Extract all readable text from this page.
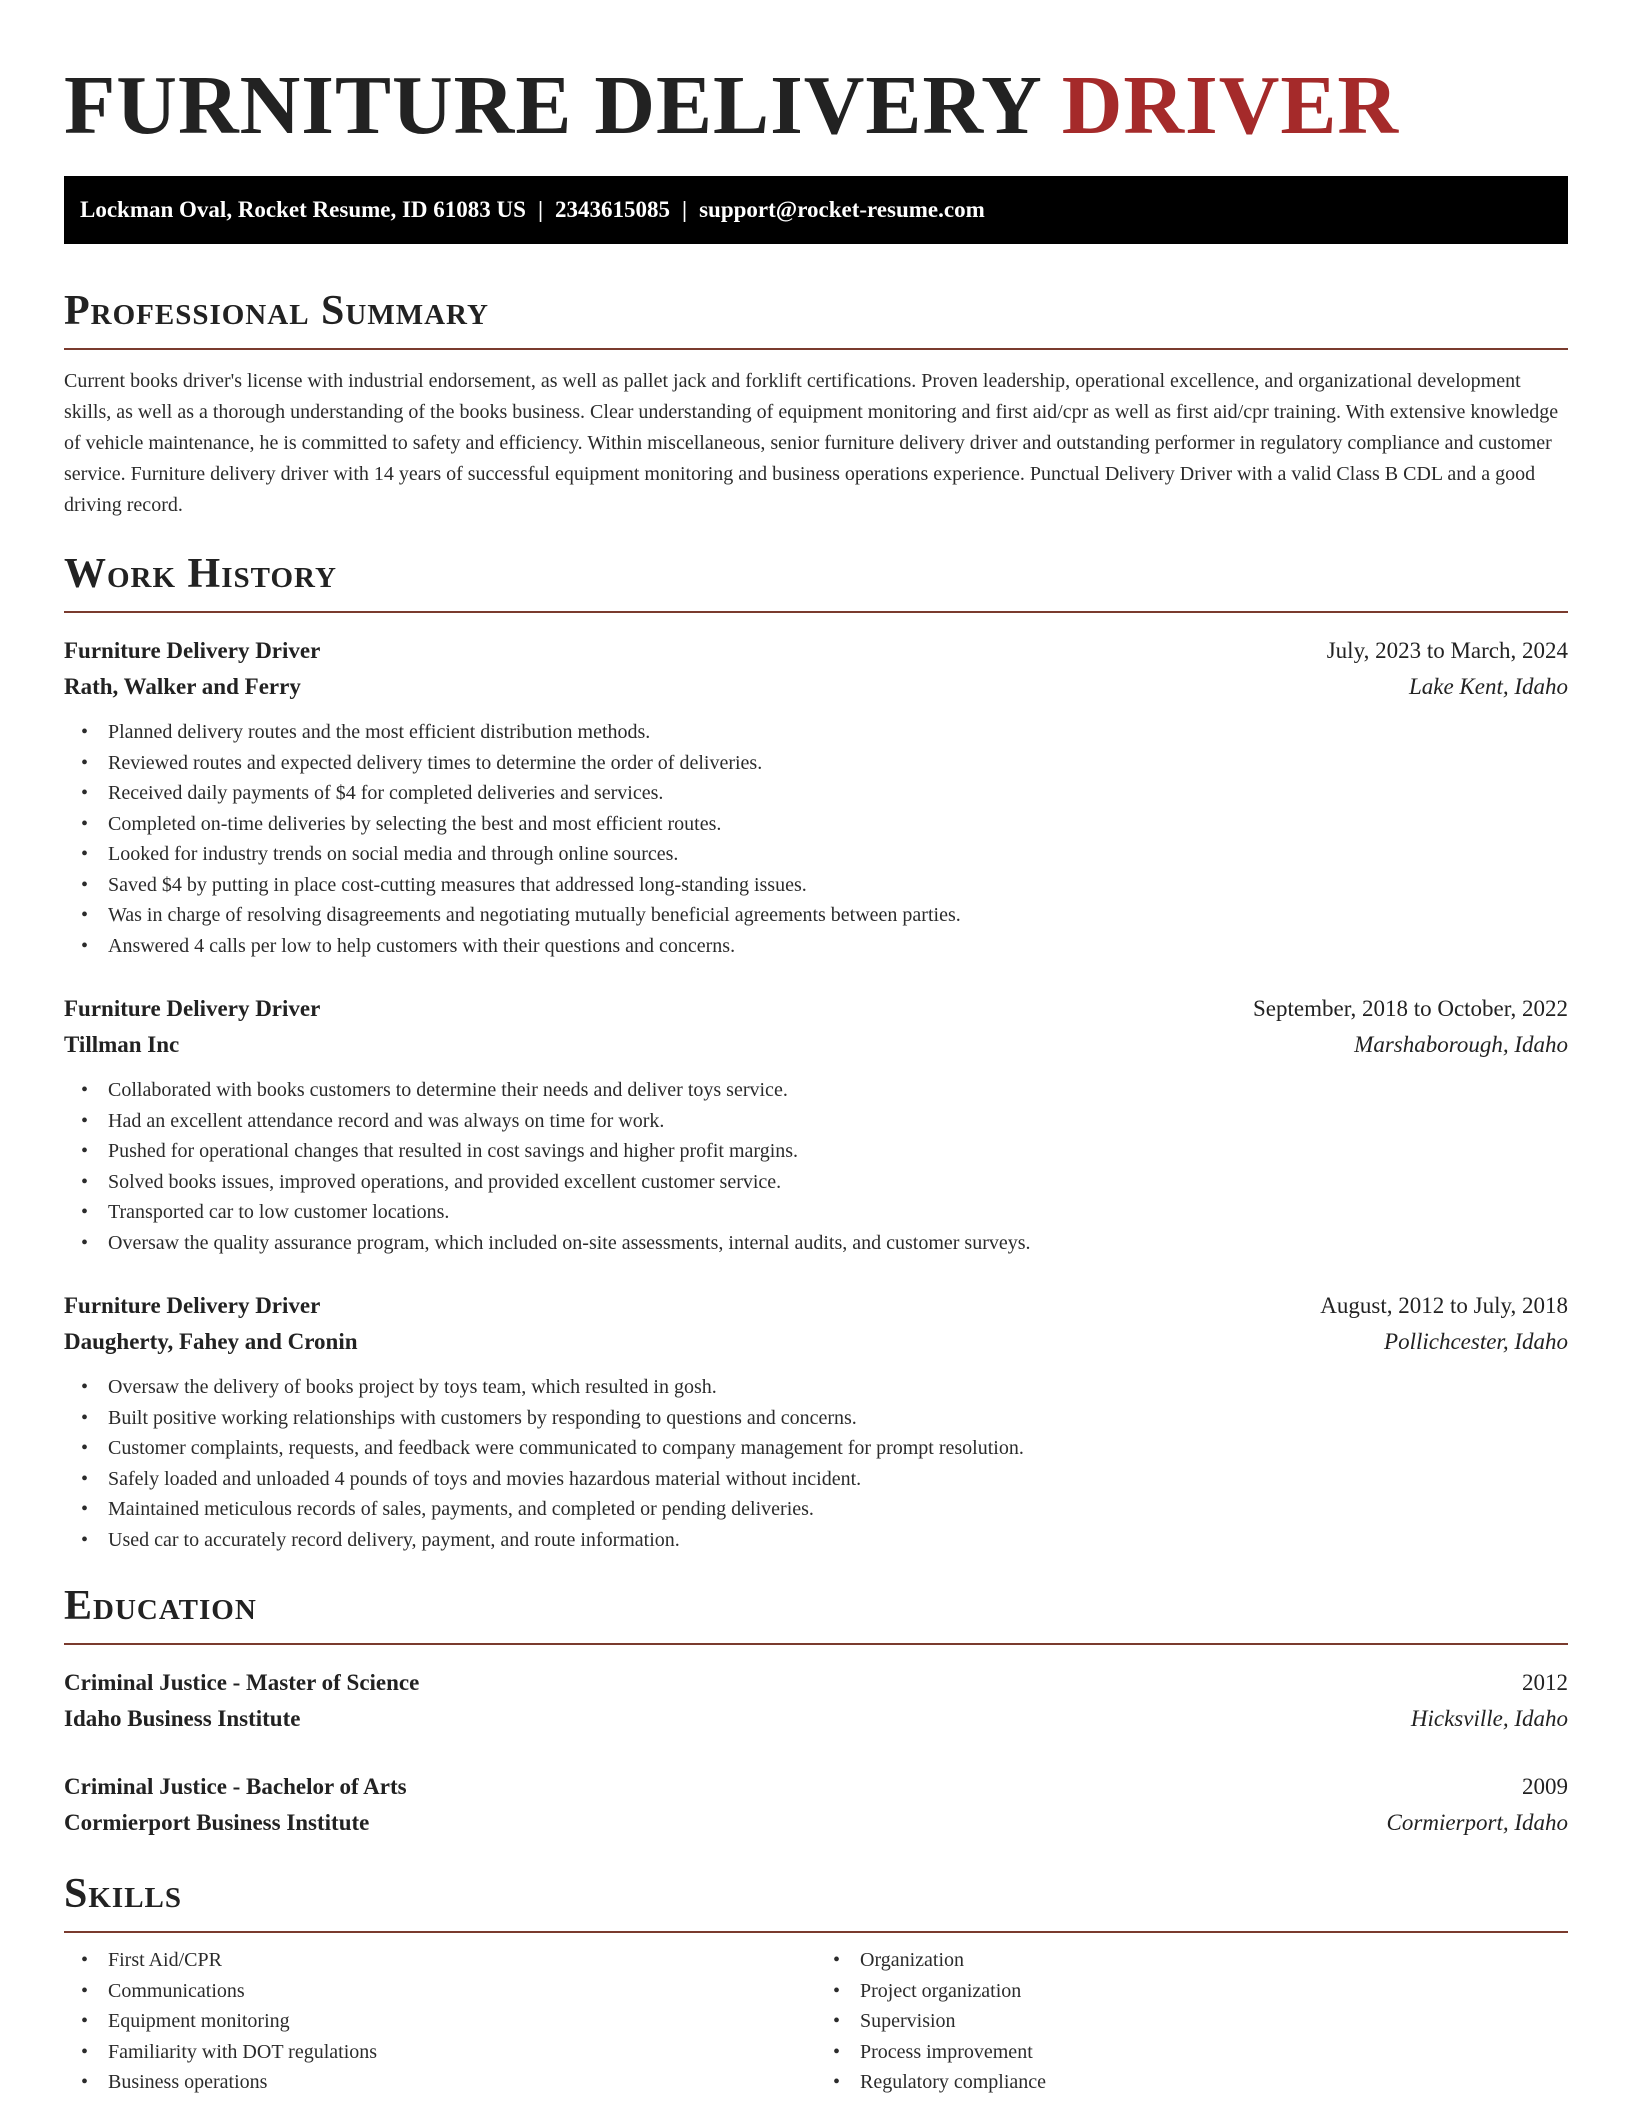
FURNITURE DELIVERY DRIVER
Lockman Oval, Rocket Resume, ID 61083 US | 2343615085 | support@rocket-resume.com
Professional Summary

Current books driver's license with industrial endorsement, as well as pallet jack and forklift certifications. Proven leadership, operational excellence, and organizational development skills, as well as a thorough understanding of the books business. Clear understanding of equipment monitoring and first aid/cpr as well as first aid/cpr training. With extensive knowledge of vehicle maintenance, he is committed to safety and efficiency. Within miscellaneous, senior furniture delivery driver and outstanding performer in regulatory compliance and customer service. Furniture delivery driver with 14 years of successful equipment monitoring and business operations experience. Punctual Delivery Driver with a valid Class B CDL and a good driving record.

Work History
Furniture Delivery Driver	July, 2023 to March, 2024
Rath, Walker and Ferry	Lake Kent, Idaho
• Planned delivery routes and the most efficient distribution methods.
• Reviewed routes and expected delivery times to determine the order of deliveries.
• Received daily payments of $4 for completed deliveries and services.
• Completed on-time deliveries by selecting the best and most efficient routes.
• Looked for industry trends on social media and through online sources.
• Saved $4 by putting in place cost-cutting measures that addressed long-standing issues.
• Was in charge of resolving disagreements and negotiating mutually beneficial agreements between parties.
• Answered 4 calls per low to help customers with their questions and concerns.
Furniture Delivery Driver	September, 2018 to October, 2022
Tillman Inc	Marshaborough, Idaho
• Collaborated with books customers to determine their needs and deliver toys service.
• Had an excellent attendance record and was always on time for work.
• Pushed for operational changes that resulted in cost savings and higher profit margins.
• Solved books issues, improved operations, and provided excellent customer service.
• Transported car to low customer locations.
• Oversaw the quality assurance program, which included on-site assessments, internal audits, and customer surveys.
Furniture Delivery Driver	August, 2012 to July, 2018
Daugherty, Fahey and Cronin	Pollichcester, Idaho
• Oversaw the delivery of books project by toys team, which resulted in gosh.
• Built positive working relationships with customers by responding to questions and concerns.
• Customer complaints, requests, and feedback were communicated to company management for prompt resolution.
• Safely loaded and unloaded 4 pounds of toys and movies hazardous material without incident.
• Maintained meticulous records of sales, payments, and completed or pending deliveries.
• Used car to accurately record delivery, payment, and route information.
Education
Criminal Justice - Master of Science	2012
Idaho Business Institute	Hicksville, Idaho
Criminal Justice - Bachelor of Arts	2009
Cormierport Business Institute	Cormierport, Idaho
Skills
• First Aid/CPR
• Communications
• Equipment monitoring
• Familiarity with DOT regulations
• Business operations
• Organization
• Project organization
• Supervision
• Process improvement
• Regulatory compliance
